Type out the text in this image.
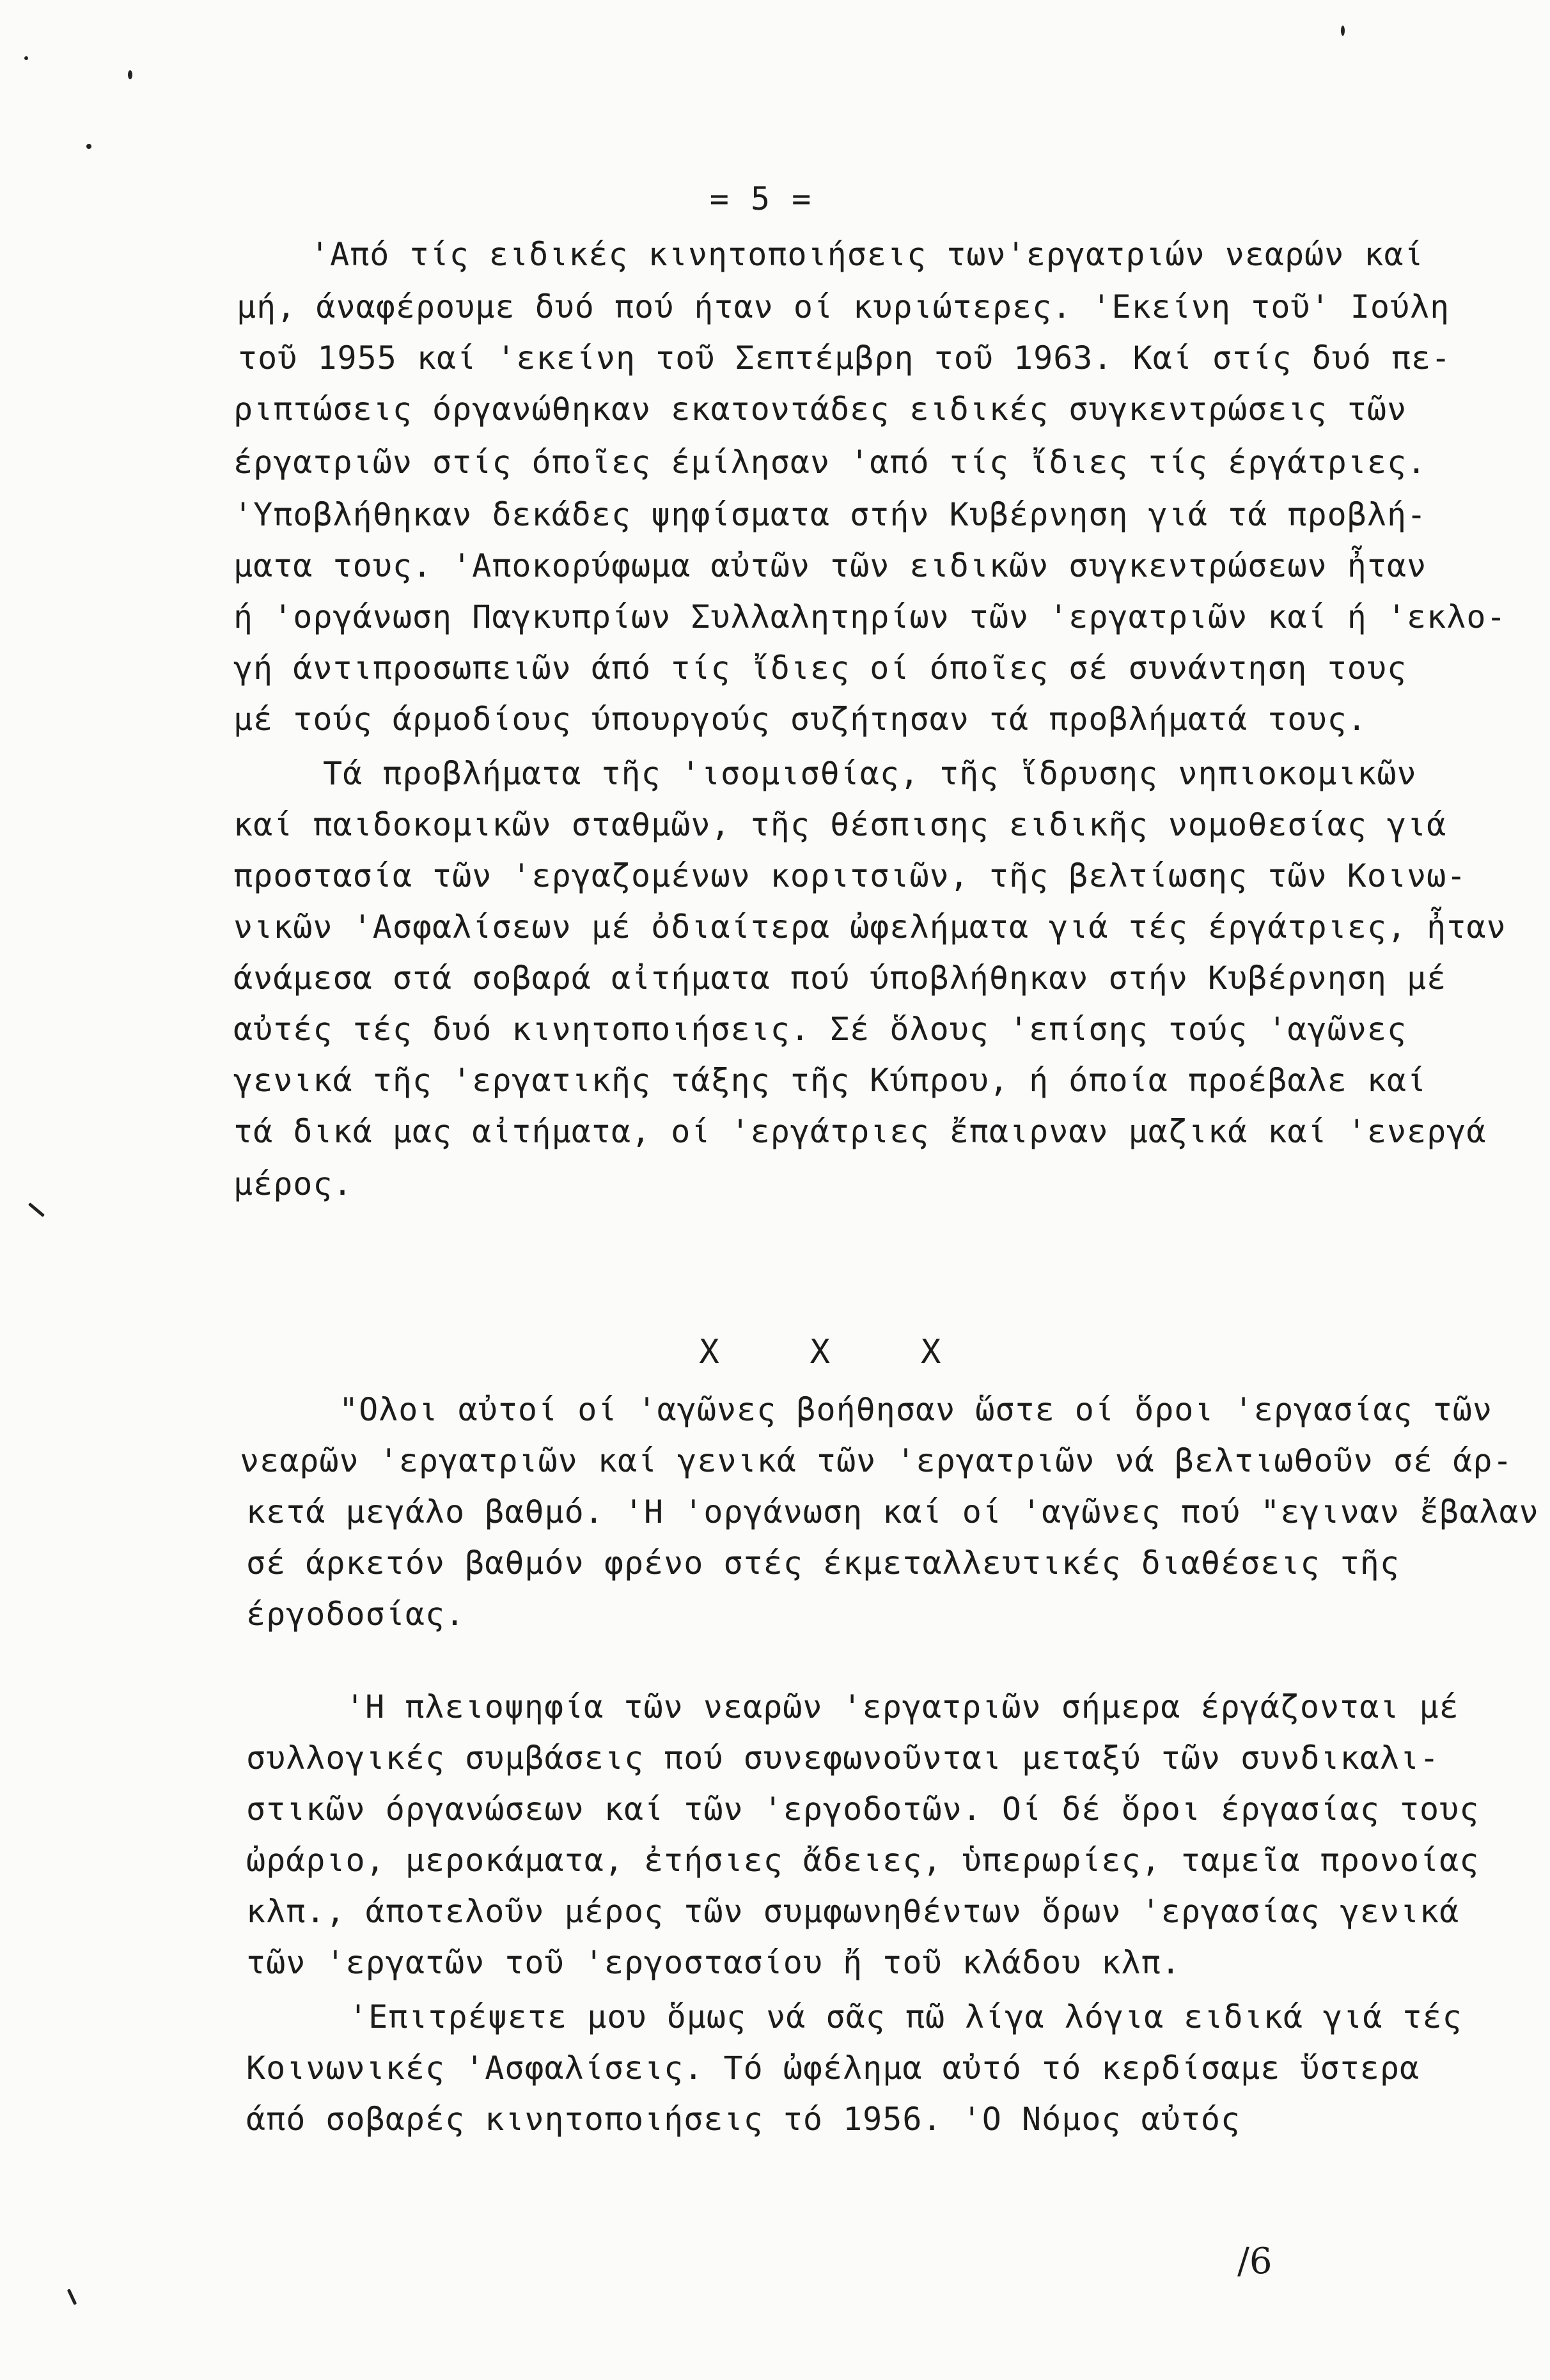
= 5 =
'Από τίς ειδικές κινητοποιήσεις των'εργατριών νεαρών καί
μή, άναφέρουμε δυό πού ήταν οί κυριώτερες. 'Εκείνη τοῦ' Ιούλη
τοῦ 1955 καί 'εκείνη τοῦ Σεπτέμβρη τοῦ 1963. Καί στίς δυό πε-
ριπτώσεις όργανώθηκαν εκατοντάδες ειδικές συγκεντρώσεις τῶν
έργατριῶν στίς όποῖες έμίλησαν 'από τίς ἴδιες τίς έργάτριες.
'Υποβλήθηκαν δεκάδες ψηφίσματα στήν Κυβέρνηση γιά τά προβλή-
ματα τους. 'Αποκορύφωμα αὐτῶν τῶν ειδικῶν συγκεντρώσεων ἦταν
ή 'οργάνωση Παγκυπρίων Συλλαλητηρίων τῶν 'εργατριῶν καί ή 'εκλο-
γή άντιπροσωπειῶν άπό τίς ἴδιες οί όποῖες σέ συνάντηση τους
μέ τούς άρμοδίους ύπουργούς συζήτησαν τά προβλήματά τους.
Τά προβλήματα τῆς 'ισομισθίας, τῆς ἵδρυσης νηπιοκομικῶν
καί παιδοκομικῶν σταθμῶν, τῆς θέσπισης ειδικῆς νομοθεσίας γιά
προστασία τῶν 'εργαζομένων κοριτσιῶν, τῆς βελτίωσης τῶν Κοινω-
νικῶν 'Ασφαλίσεων μέ ὀδιαίτερα ὠφελήματα γιά τές έργάτριες, ἦταν
άνάμεσα στά σοβαρά αἰτήματα πού ύποβλήθηκαν στήν Κυβέρνηση μέ
αὐτές τές δυό κινητοποιήσεις. Σέ ὅλους 'επίσης τούς 'αγῶνες
γενικά τῆς 'εργατικῆς τάξης τῆς Κύπρου, ή όποία προέβαλε καί
τά δικά μας αἰτήματα, οί 'εργάτριες ἔπαιρναν μαζικά καί 'ενεργά
μέρος.
X	X	X
"Ολοι αὐτοί οί 'αγῶνες βοήθησαν ὥστε οί ὅροι 'εργασίας τῶν
νεαρῶν 'εργατριῶν καί γενικά τῶν 'εργατριῶν νά βελτιωθοῦν σέ άρ-
κετά μεγάλο βαθμό. 'Η 'οργάνωση καί οί 'αγῶνες πού "εγιναν ἔβαλαν
σέ άρκετόν βαθμόν φρένο στές έκμεταλλευτικές διαθέσεις τῆς
έργοδοσίας.
'Η πλειοψηφία τῶν νεαρῶν 'εργατριῶν σήμερα έργάζονται μέ
συλλογικές συμβάσεις πού συνεφωνοῦνται μεταξύ τῶν συνδικαλι-
στικῶν όργανώσεων καί τῶν 'εργοδοτῶν. Οί δέ ὅροι έργασίας τους
ὠράριο, μεροκάματα, ἐτήσιες ἄδειες, ὑπερωρίες, ταμεῖα προνοίας
κλπ., άποτελοῦν μέρος τῶν συμφωνηθέντων ὅρων 'εργασίας γενικά
τῶν 'εργατῶν τοῦ 'εργοστασίου ἤ τοῦ κλάδου κλπ.
'Επιτρέψετε μου ὅμως νά σᾶς πῶ λίγα λόγια ειδικά γιά τές
Κοινωνικές 'Ασφαλίσεις. Τό ὠφέλημα αὐτό τό κερδίσαμε ὕστερα
άπό σοβαρές κινητοποιήσεις τό 1956. 'Ο Νόμος αὐτός
/6
